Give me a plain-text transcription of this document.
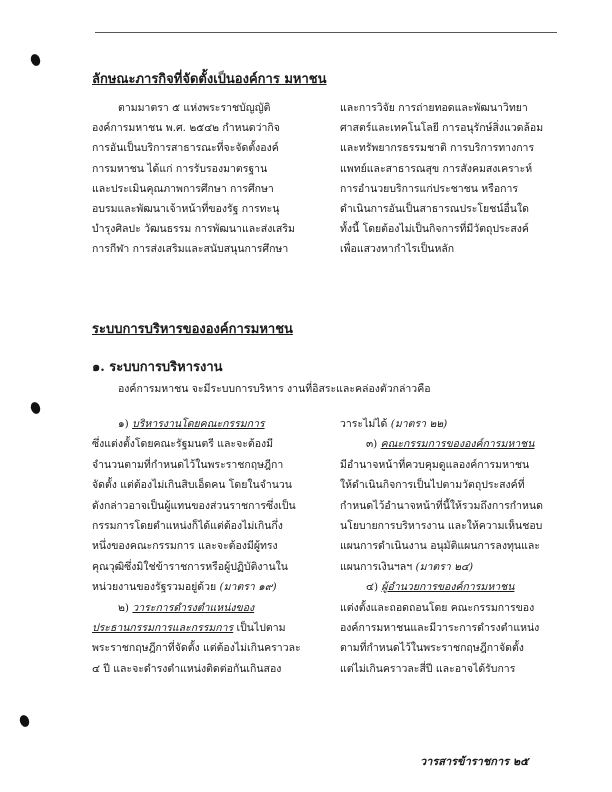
ลักษณะภารกิจที่จัดตั้งเป็นองค์การ มหาชน
ตามมาตรา ๕ แห่งพระราชบัญญัติ
องค์การมหาชน พ.ศ. ๒๕๔๒ กำหนดว่ากิจ
การอันเป็นบริการสาธารณะที่จะจัดตั้งองค์
การมหาชน ได้แก่ การรับรองมาตรฐาน
และประเมินคุณภาพการศึกษา การศึกษา
อบรมและพัฒนาเจ้าหน้าที่ของรัฐ การทะนุ
บำรุงศิลปะ วัฒนธรรม การพัฒนาและส่งเสริม
การกีฬา การส่งเสริมและสนับสนุนการศึกษา
และการวิจัย การถ่ายทอดและพัฒนาวิทยา
ศาสตร์และเทคโนโลยี การอนุรักษ์สิ่งแวดล้อม
และทรัพยากรธรรมชาติ การบริการทางการ
แพทย์และสาธารณสุข การสังคมสงเคราะห์
การอำนวยบริการแก่ประชาชน หรือการ
ดำเนินการอันเป็นสาธารณประโยชน์อื่นใด
ทั้งนี้ โดยต้องไม่เป็นกิจการที่มีวัตถุประสงค์
เพื่อแสวงหากำไรเป็นหลัก
ระบบการบริหารขององค์การมหาชน
๑. ระบบการบริหารงาน
องค์การมหาชน จะมีระบบการบริหาร งานที่อิสระและคล่องตัวกล่าวคือ
๑) บริหารงานโดยคณะกรรมการ
ซึ่งแต่งตั้งโดยคณะรัฐมนตรี และจะต้องมี
จำนวนตามที่กำหนดไว้ในพระราชกฤษฎีกา
จัดตั้ง แต่ต้องไม่เกินสิบเอ็ดคน โดยในจำนวน
ดังกล่าวอาจเป็นผู้แทนของส่วนราชการซึ่งเป็น
กรรมการโดยตำแหน่งก็ได้แต่ต้องไม่เกินกึ่ง
หนึ่งของคณะกรรมการ และจะต้องมีผู้ทรง
คุณวุฒิซึ่งมิใช่ข้าราชการหรือผู้ปฏิบัติงานใน
หน่วยงานของรัฐรวมอยู่ด้วย (มาตรา ๑๙)
๒) วาระการดำรงตำแหน่งของ
ประธานกรรมการและกรรมการ เป็นไปตาม
พระราชกฤษฎีกาที่จัดตั้ง แต่ต้องไม่เกินคราวละ
๔ ปี และจะดำรงตำแหน่งติดต่อกันเกินสอง
วาระไม่ได้ (มาตรา ๒๒)
๓) คณะกรรมการขององค์การมหาชน
มีอำนาจหน้าที่ควบคุมดูแลองค์การมหาชน
ให้ดำเนินกิจการเป็นไปตามวัตถุประสงค์ที่
กำหนดไว้อำนาจหน้าที่นี้ให้รวมถึงการกำหนด
นโยบายการบริหารงาน และให้ความเห็นชอบ
แผนการดำเนินงาน อนุมัติแผนการลงทุนและ
แผนการเงินฯลฯ (มาตรา ๒๔)
๔) ผู้อำนวยการของค์การมหาชน
แต่งตั้งและถอดถอนโดย คณะกรรมการของ
องค์การมหาชนและมีวาระการดำรงตำแหน่ง
ตามที่กำหนดไว้ในพระราชกฤษฎีกาจัดตั้ง
แต่ไม่เกินคราวละสี่ปี และอาจได้รับการ
วารสารข้าราชการ ๒๕
